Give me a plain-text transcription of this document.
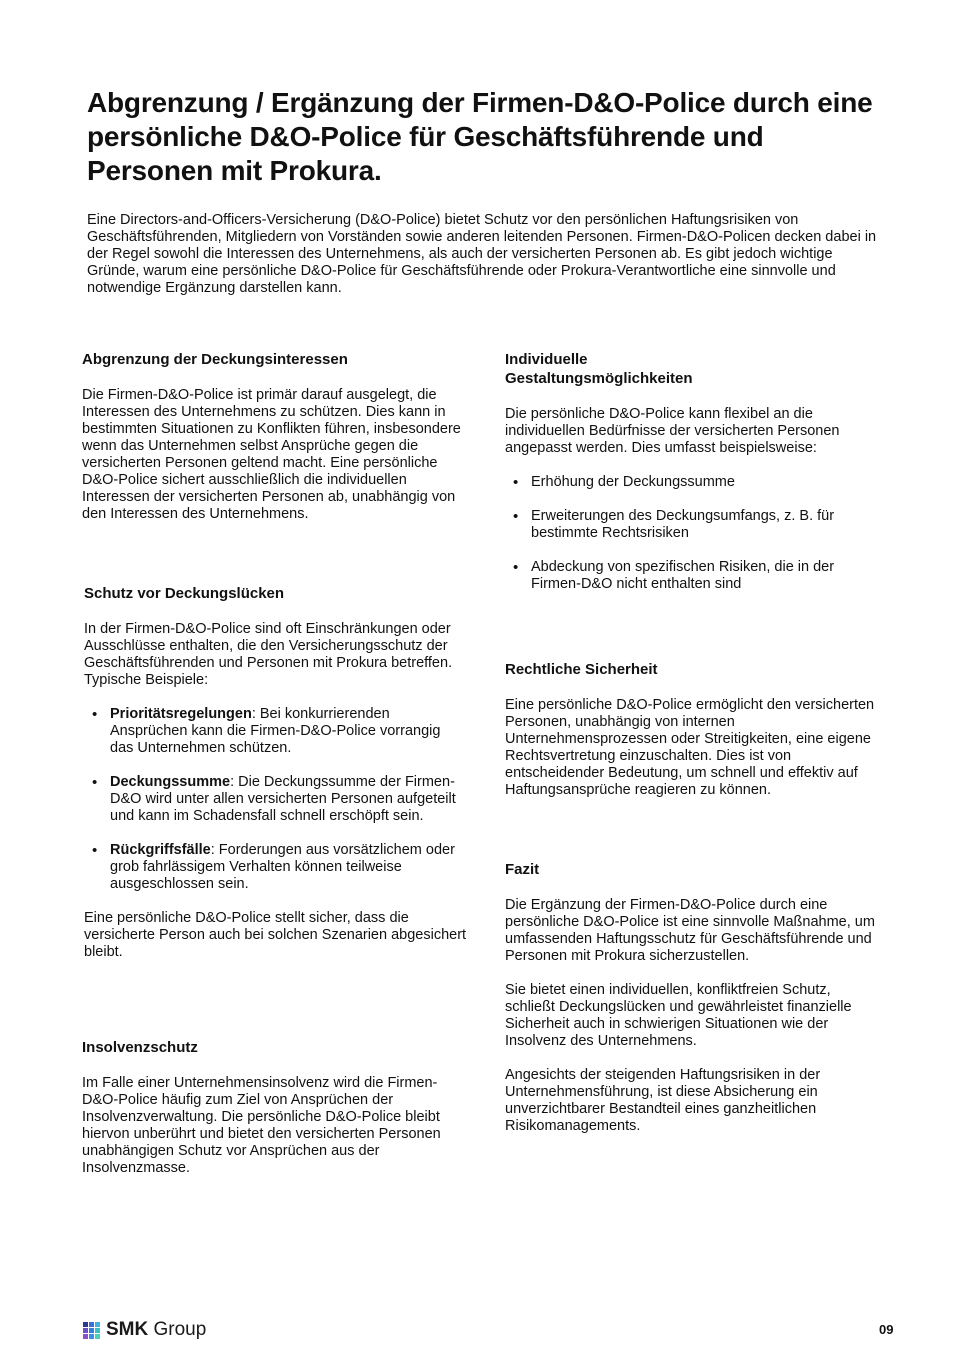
Abgrenzung / Ergänzung der Firmen-D&O-Police durch eine persönliche D&O-Police für Geschäftsführende und Personen mit Prokura.

Eine Directors-and-Officers-Versicherung (D&O-Police) bietet Schutz vor den persönlichen Haftungsrisiken von Geschäftsführenden, Mitgliedern von Vorständen sowie anderen leitenden Personen. Firmen-D&O-Policen decken dabei in der Regel sowohl die Interessen des Unternehmens, als auch der versicherten Personen ab. Es gibt jedoch wichtige Gründe, warum eine persönliche D&O-Police für Geschäftsführende oder Prokura-Verantwortliche eine sinnvolle und notwendige Ergänzung darstellen kann.

Abgrenzung der Deckungsinteressen

Die Firmen-D&O-Police ist primär darauf ausgelegt, die Interessen des Unternehmens zu schützen. Dies kann in bestimmten Situationen zu Konflikten führen, insbesondere wenn das Unternehmen selbst Ansprüche gegen die versicherten Personen geltend macht. Eine persönliche D&O-Police sichert ausschließlich die individuellen Interessen der versicherten Personen ab, unabhängig von den Interessen des Unternehmens.

Schutz vor Deckungslücken

In der Firmen-D&O-Police sind oft Einschränkungen oder Ausschlüsse enthalten, die den Versicherungsschutz der Geschäftsführenden und Personen mit Prokura betreffen. Typische Beispiele:

• Prioritätsregelungen: Bei konkurrierenden Ansprüchen kann die Firmen-D&O-Police vorrangig das Unternehmen schützen.
• Deckungssumme: Die Deckungssumme der Firmen-D&O wird unter allen versicherten Personen aufgeteilt und kann im Schadensfall schnell erschöpft sein.
• Rückgriffsfälle: Forderungen aus vorsätzlichem oder grob fahrlässigem Verhalten können teilweise ausgeschlossen sein.

Eine persönliche D&O-Police stellt sicher, dass die versicherte Person auch bei solchen Szenarien abgesichert bleibt.

Insolvenzschutz

Im Falle einer Unternehmensinsolvenz wird die Firmen-D&O-Police häufig zum Ziel von Ansprüchen der Insolvenzverwaltung. Die persönliche D&O-Police bleibt hiervon unberührt und bietet den versicherten Personen unabhängigen Schutz vor Ansprüchen aus der Insolvenzmasse.

Individuelle
Gestaltungsmöglichkeiten

Die persönliche D&O-Police kann flexibel an die individuellen Bedürfnisse der versicherten Personen angepasst werden. Dies umfasst beispielsweise:

• Erhöhung der Deckungssumme
• Erweiterungen des Deckungsumfangs, z. B. für bestimmte Rechtsrisiken
• Abdeckung von spezifischen Risiken, die in der Firmen-D&O nicht enthalten sind
Rechtliche Sicherheit

Eine persönliche D&O-Police ermöglicht den versicherten Personen, unabhängig von internen Unternehmensprozessen oder Streitigkeiten, eine eigene Rechtsvertretung einzuschalten. Dies ist von entscheidender Bedeutung, um schnell und effektiv auf Haftungsansprüche reagieren zu können.

Fazit

Die Ergänzung der Firmen-D&O-Police durch eine persönliche D&O-Police ist eine sinnvolle Maßnahme, um umfassenden Haftungsschutz für Geschäftsführende und Personen mit Prokura sicherzustellen.

Sie bietet einen individuellen, konfliktfreien Schutz, schließt Deckungslücken und gewährleistet finanzielle Sicherheit auch in schwierigen Situationen wie der Insolvenz des Unternehmens.

Angesichts der steigenden Haftungsrisiken in der Unternehmensführung, ist diese Absicherung ein unverzichtbarer Bestandteil eines ganzheitlichen Risikomanagements.

SMK Group	09
